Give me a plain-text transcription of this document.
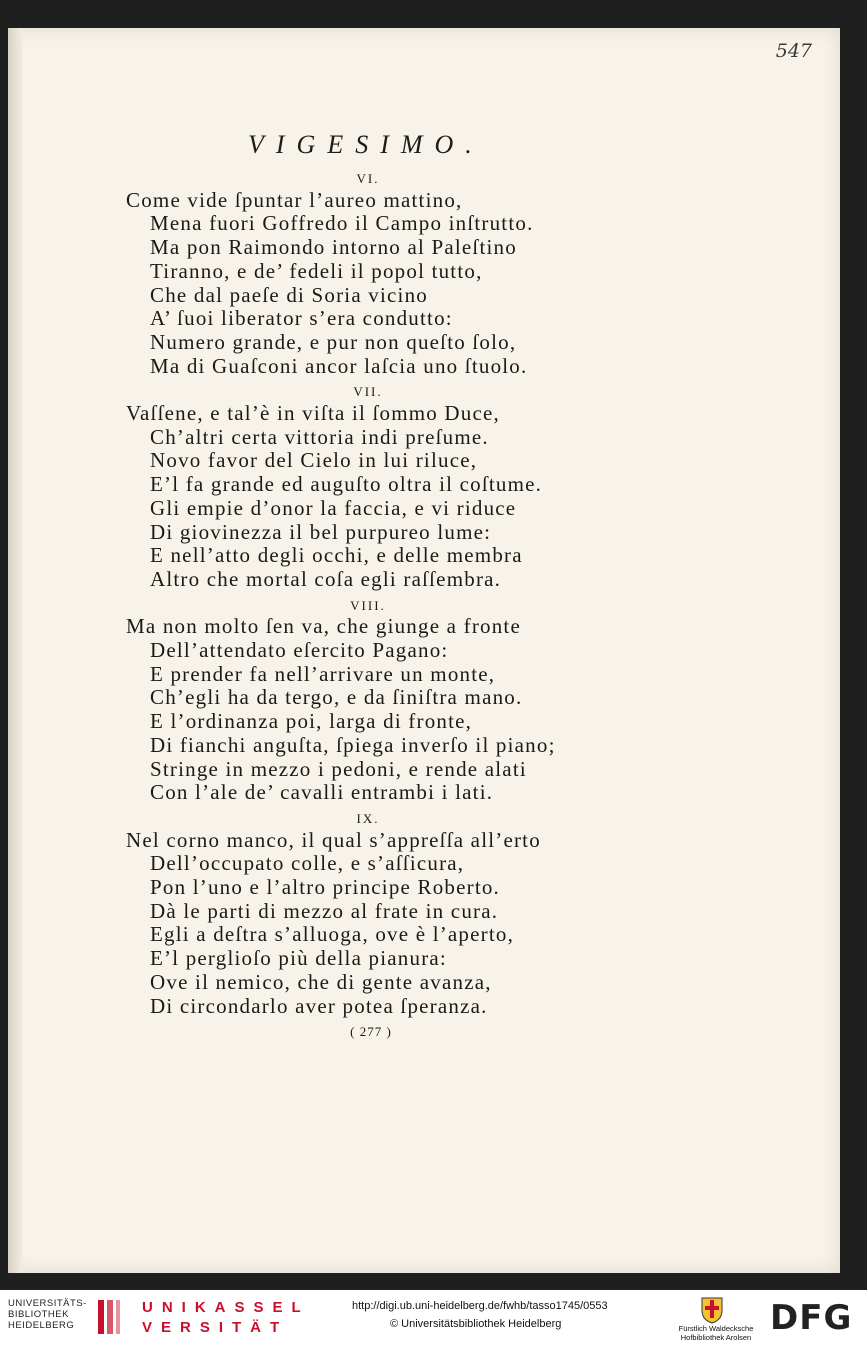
547
VIGESIMO.
VI.
Come vide ſpuntar l’aureo mattino,
Mena fuori Goffredo il Campo inſtrutto.
Ma pon Raimondo intorno al Paleſtino
Tiranno, e de’ fedeli il popol tutto,
Che dal paeſe di Soria vicino
A’ ſuoi liberator s’era condutto:
Numero grande, e pur non queſto ſolo,
Ma di Guaſconi ancor laſcia uno ſtuolo.
VII.
Vaſſene, e tal’è in viſta il ſommo Duce,
Ch’altri certa vittoria indi preſume.
Novo favor del Cielo in lui riluce,
E’l fa grande ed auguſto oltra il coſtume.
Gli empie d’onor la faccia, e vi riduce
Di giovinezza il bel purpureo lume:
E nell’atto degli occhi, e delle membra
Altro che mortal coſa egli raſſembra.
VIII.
Ma non molto ſen va, che giunge a fronte
Dell’attendato eſercito Pagano:
E prender fa nell’arrivare un monte,
Ch’egli ha da tergo, e da ſiniſtra mano.
E l’ordinanza poi, larga di fronte,
Di fianchi anguſta, ſpiega inverſo il piano;
Stringe in mezzo i pedoni, e rende alati
Con l’ale de’ cavalli entrambi i lati.
IX.
Nel corno manco, il qual s’appreſſa all’erto
Dell’occupato colle, e s’aſſicura,
Pon l’uno e l’altro principe Roberto.
Dà le parti di mezzo al frate in cura.
Egli a deſtra s’alluoga, ove è l’aperto,
E’l perglioſo più della pianura:
Ove il nemico, che di gente avanza,
Di circondarlo aver potea ſperanza.
( 277 )
UNIVERSITÄTS-
BIBLIOTHEK
HEIDELBERG
UNIKASSEL
VERSITÄT
http://digi.ub.uni-heidelberg.de/fwhb/tasso1745/0553
© Universitätsbibliothek Heidelberg	Fürstlich Waldecksche
Hofbibliothek Arolsen DFG
